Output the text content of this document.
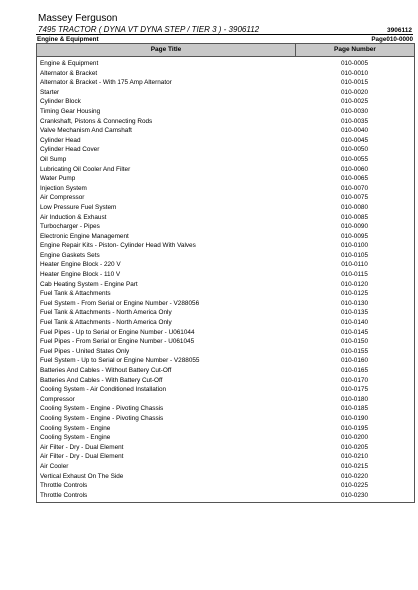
Massey Ferguson
7495 TRACTOR ( DYNA VT DYNA STEP / TIER 3 ) - 3906112	3906112
Engine & Equipment	Page010-0000
Page Title	Page Number
Engine & Equipment	010-0005
Alternator & Bracket	010-0010
Alternator & Bracket - With 175 Amp Alternator	010-0015
Starter	010-0020
Cylinder Block	010-0025
Timing Gear Housing	010-0030
Crankshaft, Pistons & Connecting Rods	010-0035
Valve Mechanism And Camshaft	010-0040
Cylinder Head	010-0045
Cylinder Head Cover	010-0050
Oil Sump	010-0055
Lubricating Oil Cooler And Filter	010-0060
Water Pump	010-0065
Injection System	010-0070
Air Compressor	010-0075
Low Pressure Fuel System	010-0080
Air Induction & Exhaust	010-0085
Turbocharger - Pipes	010-0090
Electronic Engine Management	010-0095
Engine Repair Kits - Piston- Cylinder Head With Valves	010-0100
Engine Gaskets Sets	010-0105
Heater Engine Block - 220 V	010-0110
Heater Engine Block - 110 V	010-0115
Cab Heating System - Engine Part	010-0120
Fuel Tank & Attachments	010-0125
Fuel System - From Serial or Engine Number - V288056	010-0130
Fuel Tank & Attachments - North America Only	010-0135
Fuel Tank & Attachments - North America Only	010-0140
Fuel Pipes - Up to Serial or Engine Number - U061044	010-0145
Fuel Pipes - From Serial or Engine Number - U061045	010-0150
Fuel Pipes - United States Only	010-0155
Fuel System - Up to Serial or Engine Number - V288055	010-0160
Batteries And Cables - Without Battery Cut-Off	010-0165
Batteries And Cables - With Battery Cut-Off	010-0170
Cooling System - Air Conditioned Installation	010-0175
Compressor	010-0180
Cooling System - Engine - Pivoting Chassis	010-0185
Cooling System - Engine - Pivoting Chassis	010-0190
Cooling System - Engine	010-0195
Cooling System - Engine	010-0200
Air Filter - Dry - Dual Element	010-0205
Air Filter - Dry - Dual Element	010-0210
Air Cooler	010-0215
Vertical Exhaust On The Side	010-0220
Throttle Controls	010-0225
Throttle Controls	010-0230
